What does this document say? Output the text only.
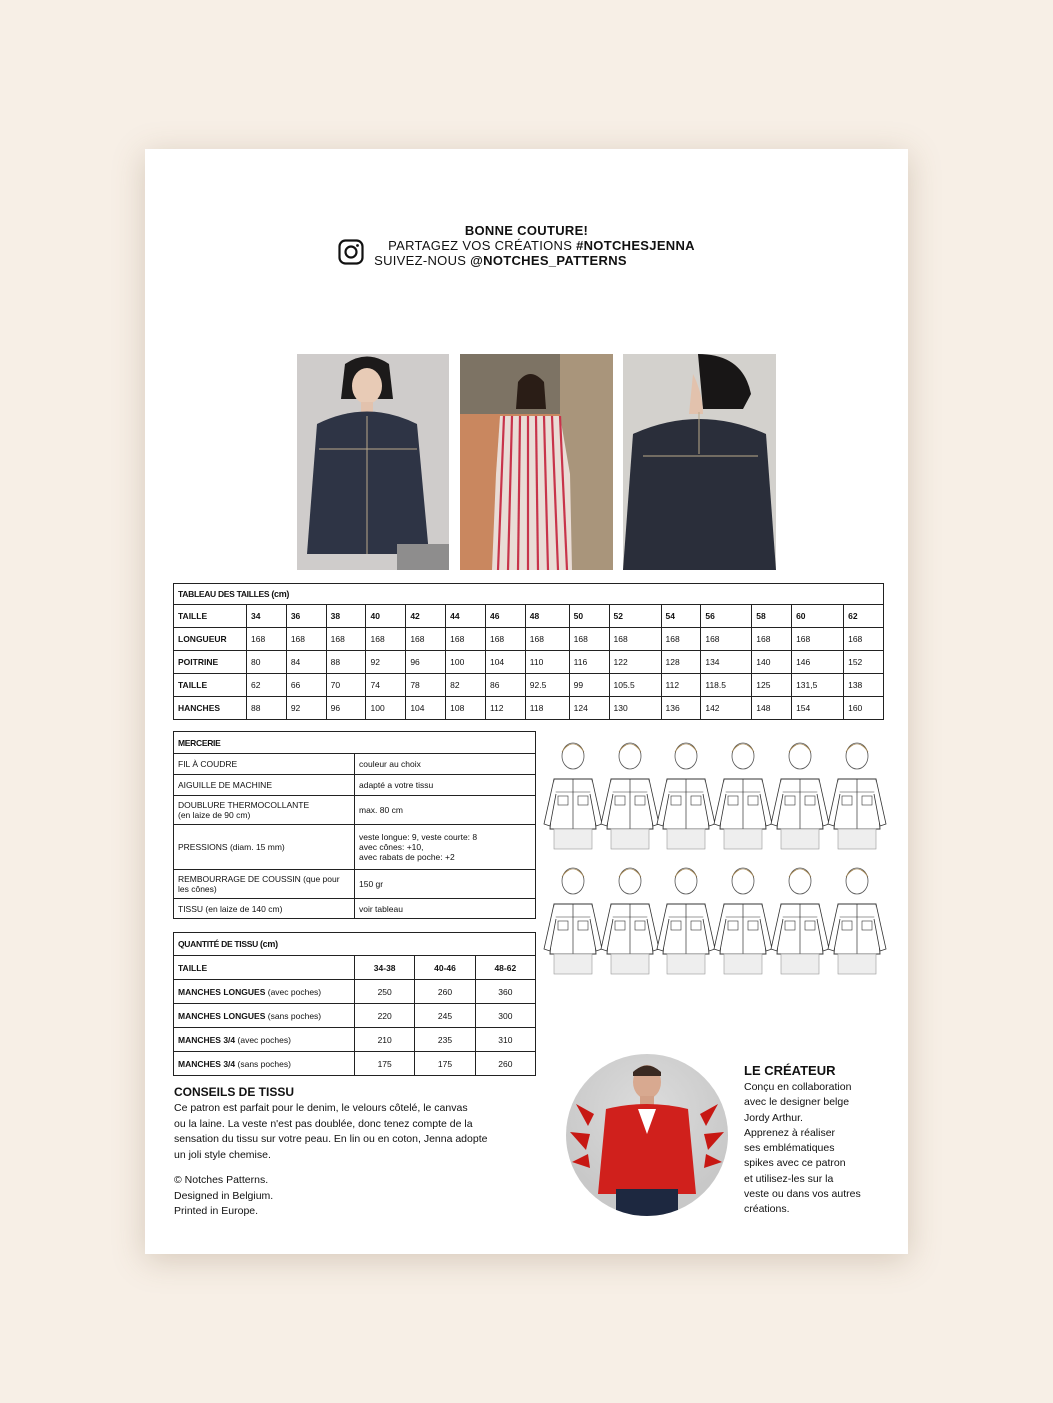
BONNE COUTURE!
PARTAGEZ VOS CRÉATIONS #NOTCHESJENNA
SUIVEZ-NOUS @NOTCHES_PATTERNS
TABLEAU DES TAILLES (cm)															
TAILLE	34	36	38	40	42	44	46	48	50	52	54	56	58	60	62
LONGUEUR	168	168	168	168	168	168	168	168	168	168	168	168	168	168	168
POITRINE	80	84	88	92	96	100	104	110	116	122	128	134	140	146	152
TAILLE	62	66	70	74	78	82	86	92.5	99	105.5	112	118.5	125	131,5	138
HANCHES	88	92	96	100	104	108	112	118	124	130	136	142	148	154	160
MERCERIE	
FIL À COUDRE	couleur au choix
AIGUILLE DE MACHINE	adapté a votre tissu
DOUBLURE THERMOCOLLANTE
(en laize de 90 cm)	max. 80 cm
PRESSIONS (diam. 15 mm)	veste longue: 9, veste courte: 8
avec cônes: +10,
avec rabats de poche: +2
REMBOURRAGE DE COUSSIN (que pour les cônes)	150 gr
TISSU (en laize de 140 cm)	voir tableau
QUANTITÉ DE TISSU (cm)			
TAILLE	34-38	40-46	48-62
MANCHES LONGUES (avec poches)	250	260	360
MANCHES LONGUES (sans poches)	220	245	300
MANCHES 3/4 (avec poches)	210	235	310
MANCHES 3/4 (sans poches)	175	175	260
CONSEILS DE TISSU
Ce patron est parfait pour le denim, le velours côtelé, le canvas
ou la laine. La veste n'est pas doublée, donc tenez compte de la
sensation du tissu sur votre peau. En lin ou en coton, Jenna adopte
un joli style chemise.
© Notches Patterns.
Designed in Belgium.
Printed in Europe.
LE CRÉATEUR
Conçu en collaboration
avec le designer belge
Jordy Arthur.
Apprenez à réaliser
ses emblématiques
spikes avec ce patron
et utilisez-les sur la
veste ou dans vos autres
créations.
